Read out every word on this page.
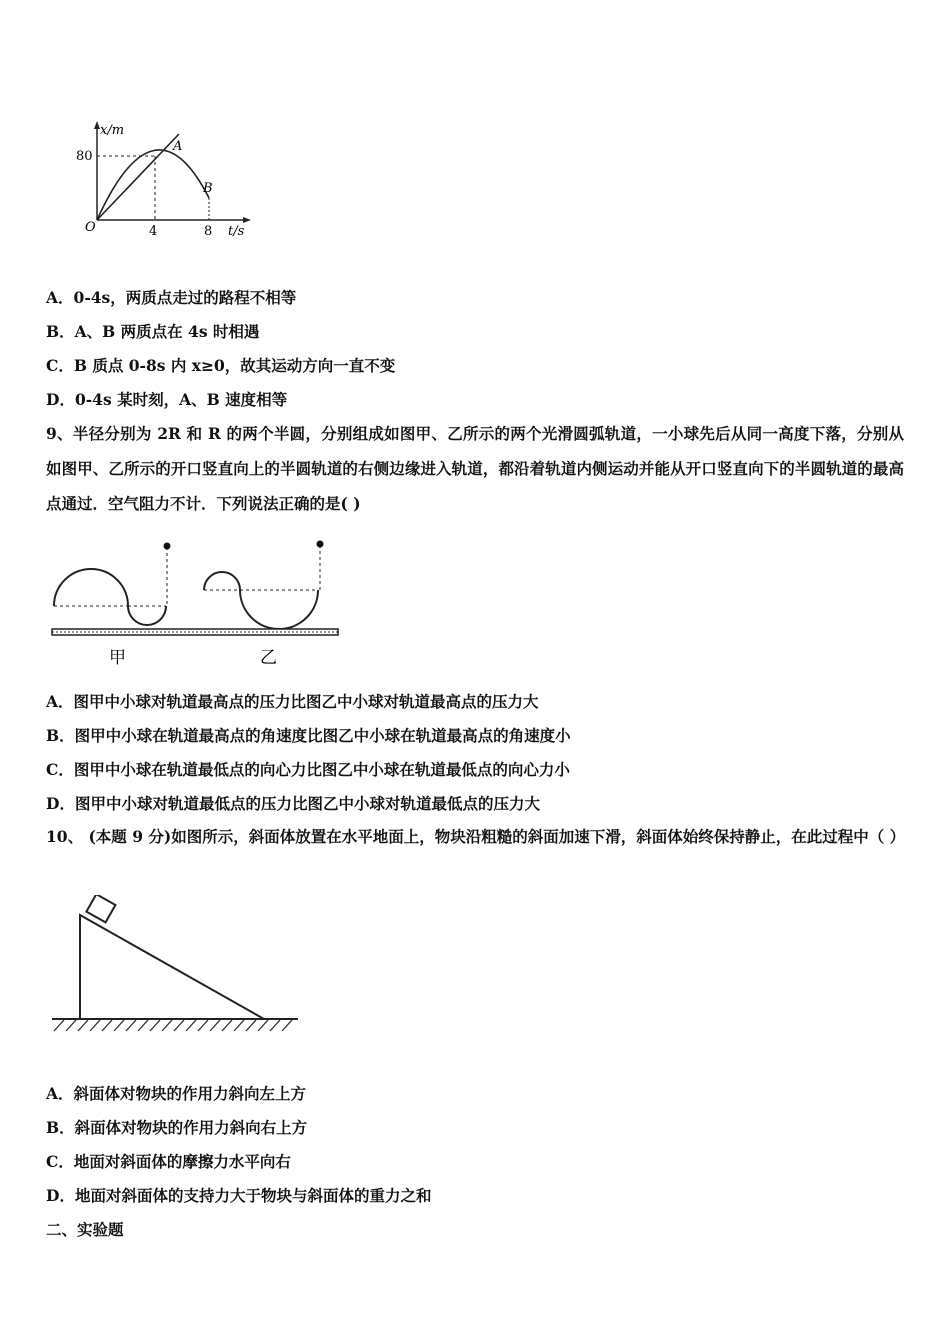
x/m
t/s
O
80
4	8
A
B
A．0-4s，两质点走过的路程不相等
B．A、B 两质点在 4s 时相遇
C．B 质点 0-8s 内 x≥0，故其运动方向一直不变
D．0-4s 某时刻，A、B 速度相等
9、半径分别为 2R 和 R 的两个半圆，分别组成如图甲、乙所示的两个光滑圆弧轨道，一小球先后从同一高度下落，分别从如图甲、乙所示的开口竖直向上的半圆轨道的右侧边缘进入轨道，都沿着轨道内侧运动并能从开口竖直向下的半圆轨道的最高点通过．空气阻力不计．下列说法正确的是( )
甲	乙
A．图甲中小球对轨道最高点的压力比图乙中小球对轨道最高点的压力大
B．图甲中小球在轨道最高点的角速度比图乙中小球在轨道最高点的角速度小
C．图甲中小球在轨道最低点的向心力比图乙中小球在轨道最低点的向心力小
D．图甲中小球对轨道最低点的压力比图乙中小球对轨道最低点的压力大
10、 (本题 9 分)如图所示，斜面体放置在水平地面上，物块沿粗糙的斜面加速下滑，斜面体始终保持静止，在此过程中（ ）
A．斜面体对物块的作用力斜向左上方
B．斜面体对物块的作用力斜向右上方
C．地面对斜面体的摩擦力水平向右
D．地面对斜面体的支持力大于物块与斜面体的重力之和
二、实验题
